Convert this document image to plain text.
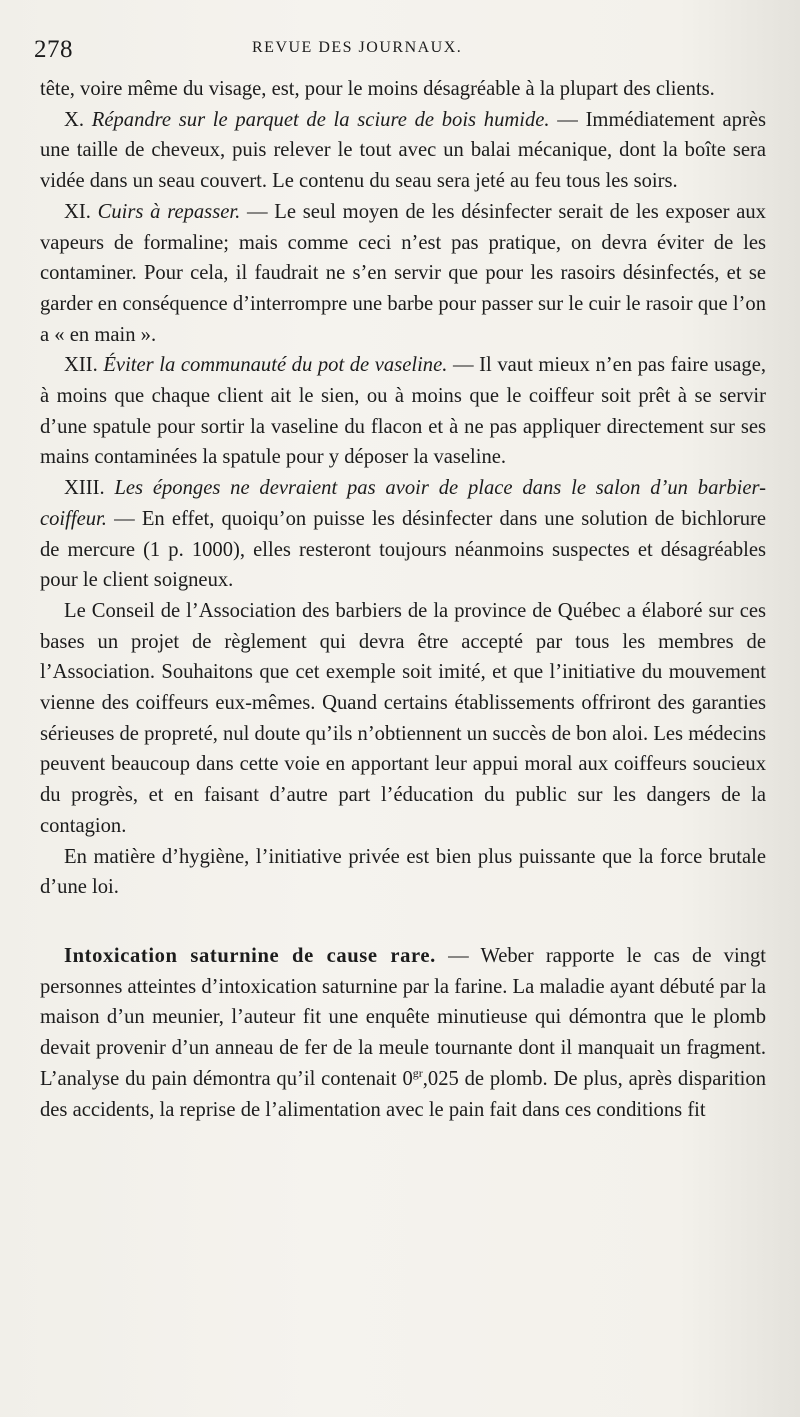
278	REVUE DES JOURNAUX.

tête, voire même du visage, est, pour le moins désagréable à la plupart des clients.

X. Répandre sur le parquet de la sciure de bois humide. — Immédiatement après une taille de cheveux, puis relever le tout avec un balai mécanique, dont la boîte sera vidée dans un seau couvert. Le contenu du seau sera jeté au feu tous les soirs.

XI. Cuirs à repasser. — Le seul moyen de les désinfecter serait de les exposer aux vapeurs de formaline; mais comme ceci n’est pas pratique, on devra éviter de les contaminer. Pour cela, il faudrait ne s’en servir que pour les rasoirs désinfectés, et se garder en conséquence d’interrompre une barbe pour passer sur le cuir le rasoir que l’on a « en main ».

XII. Éviter la communauté du pot de vaseline. — Il vaut mieux n’en pas faire usage, à moins que chaque client ait le sien, ou à moins que le coiffeur soit prêt à se servir d’une spatule pour sortir la vaseline du flacon et à ne pas appliquer directement sur ses mains contaminées la spatule pour y déposer la vaseline.

XIII. Les éponges ne devraient pas avoir de place dans le salon d’un barbier-coiffeur. — En effet, quoiqu’on puisse les désinfecter dans une solution de bichlorure de mercure (1 p. 1000), elles resteront toujours néanmoins suspectes et désagréables pour le client soigneux.

Le Conseil de l’Association des barbiers de la province de Québec a élaboré sur ces bases un projet de règlement qui devra être accepté par tous les membres de l’Association. Souhaitons que cet exemple soit imité, et que l’initiative du mouvement vienne des coiffeurs eux-mêmes. Quand certains établissements offriront des garanties sérieuses de propreté, nul doute qu’ils n’obtiennent un succès de bon aloi. Les médecins peuvent beaucoup dans cette voie en apportant leur appui moral aux coiffeurs soucieux du progrès, et en faisant d’autre part l’éducation du public sur les dangers de la contagion.

En matière d’hygiène, l’initiative privée est bien plus puissante que la force brutale d’une loi.

Intoxication saturnine de cause rare. — Weber rapporte le cas de vingt personnes atteintes d’intoxication saturnine par la farine. La maladie ayant débuté par la maison d’un meunier, l’auteur fit une enquête minutieuse qui démontra que le plomb devait provenir d’un anneau de fer de la meule tournante dont il manquait un fragment. L’analyse du pain démontra qu’il contenait $0^{gr},025$ de plomb. De plus, après disparition des accidents, la reprise de l’alimentation avec le pain fait dans ces conditions fit
